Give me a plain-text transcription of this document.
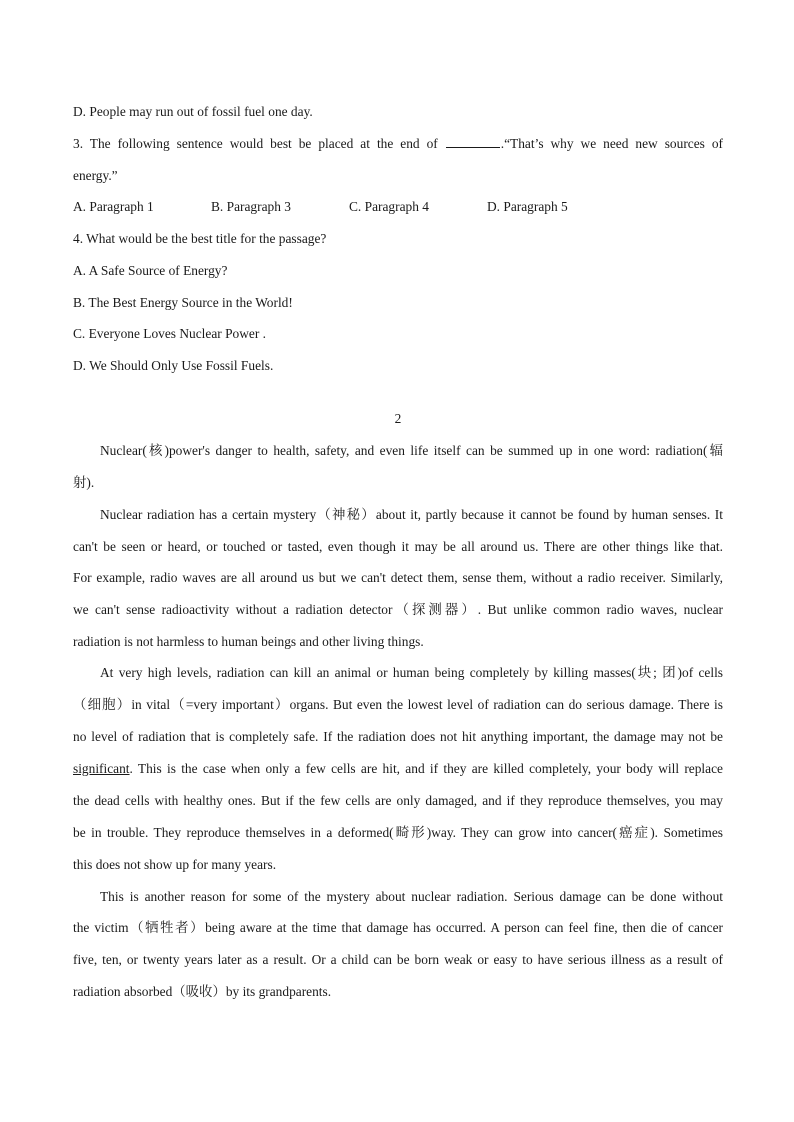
D. People may run out of fossil fuel one day.
3. The following sentence would best be placed at the end of	.“That’s why we need new sources of
energy.”
A. Paragraph 1	B. Paragraph 3	C. Paragraph 4	D. Paragraph 5
4. What would be the best title for the passage?
A. A Safe Source of Energy?
B. The Best Energy Source in the World!
C. Everyone Loves Nuclear Power .
D. We Should Only Use Fossil Fuels.
2
Nuclear(核)power's danger to health, safety, and even life itself can be summed up in one word: radiation(辐
射).
Nuclear radiation has a certain mystery（神秘）about it, partly because it cannot be found by human senses. It
can't be seen or heard, or touched or tasted, even though it may be all around us. There are other things like that.
For example, radio waves are all around us but we can't detect them, sense them, without a radio receiver. Similarly,
we can't sense radioactivity without a radiation detector（探测器）. But unlike common radio waves, nuclear
radiation is not harmless to human beings and other living things.
At very high levels, radiation can kill an animal or human being completely by killing masses(块; 团)of cells
（细胞）in vital（=very important）organs. But even the lowest level of radiation can do serious damage. There is
no level of radiation that is completely safe. If the radiation does not hit anything important, the damage may not be
significant. This is the case when only a few cells are hit, and if they are killed completely, your body will replace
the dead cells with healthy ones. But if the few cells are only damaged, and if they reproduce themselves, you may
be in trouble. They reproduce themselves in a deformed(畸形)way. They can grow into cancer(癌症). Sometimes
this does not show up for many years.
This is another reason for some of the mystery about nuclear radiation. Serious damage can be done without
the victim（牺牲者）being aware at the time that damage has occurred. A person can feel fine, then die of cancer
five, ten, or twenty years later as a result. Or a child can be born weak or easy to have serious illness as a result of
radiation absorbed（吸收）by its grandparents.
